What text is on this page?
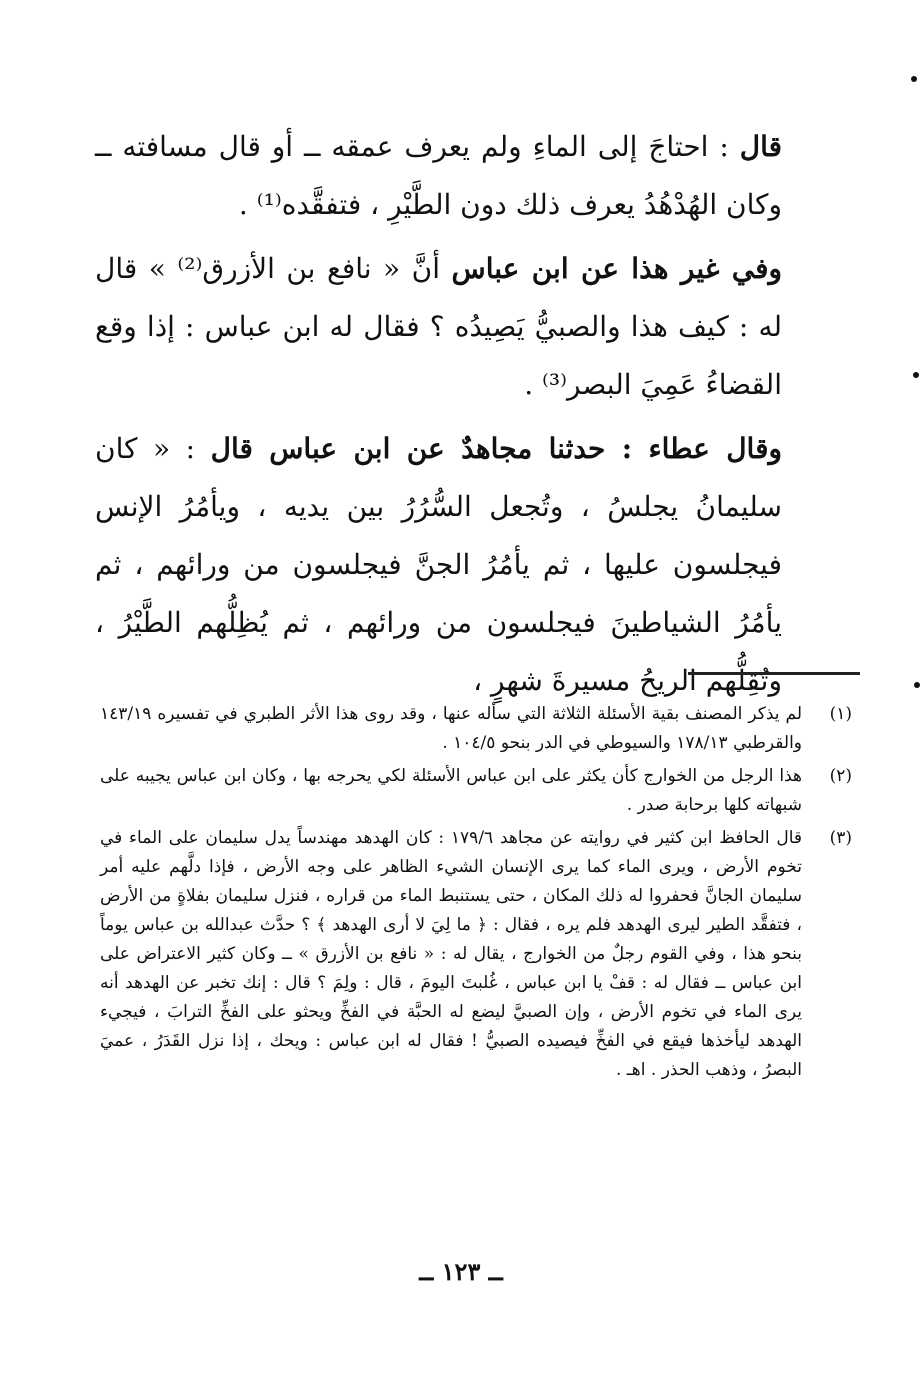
قال : احتاجَ إلى الماءِ ولم يعرف عمقه ــ أو قال مسافته ــ وكان الهُدْهُدُ يعرف ذلك دون الطَّيْرِ ، فتفقَّده⁽¹⁾ .

وفي غير هذا عن ابن عباس أنَّ « نافع بن الأزرق⁽²⁾ » قال له : كيف هذا والصبيُّ يَصِيدُه ؟ فقال له ابن عباس : إذا وقع القضاءُ عَمِيَ البصر⁽³⁾ .

وقال عطاء : حدثنا مجاهدٌ عن ابن عباس قال : « كان سليمانُ يجلسُ ، وتُجعل السُّرُرُ بين يديه ، ويأمُرُ الإنس فيجلسون عليها ، ثم يأمُرُ الجنَّ فيجلسون من ورائهم ، ثم يأمُرُ الشياطينَ فيجلسون من ورائهم ، ثم يُظِلُّهم الطَّيْرُ ، وتُقِلُّهم الريحُ مسيرةَ شهرٍ ،

(١)
لم يذكر المصنف بقية الأسئلة الثلاثة التي سأله عنها ، وقد روى هذا الأثر الطبري في تفسيره ١٤٣/١٩ والقرطبي ١٧٨/١٣ والسيوطي في الدر بنحو ١٠٤/٥ .
(٢)
هذا الرجل من الخوارج كأن يكثر على ابن عباس الأسئلة لكي يحرجه بها ، وكان ابن عباس يجيبه على شبهاته كلها برحابة صدر .
(٣)
قال الحافظ ابن كثير في روايته عن مجاهد ١٧٩/٦ : كان الهدهد مهندساً يدل سليمان على الماء في تخوم الأرض ، ويرى الماء كما يرى الإنسان الشيء الظاهر على وجه الأرض ، فإذا دلَّهم عليه أمر سليمان الجانَّ فحفروا له ذلك المكان ، حتى يستنبط الماء من قراره ، فنزل سليمان بفلاةٍ من الأرض ، فتفقَّد الطير ليرى الهدهد فلم يره ، فقال : ﴿ ما لِيَ لا أرى الهدهد ﴾ ؟ حدَّث عبدالله بن عباس يوماً بنحو هذا ، وفي القوم رجلٌ من الخوارج ، يقال له : « نافع بن الأزرق » ــ وكان كثير الاعتراض على ابن عباس ــ فقال له : قفْ يا ابن عباس ، غُلبتَ اليومَ ، قال : ولِمَ ؟ قال : إنك تخبر عن الهدهد أنه يرى الماء في تخوم الأرض ، وإن الصبيَّ ليضع له الحبَّة في الفخِّ ويحثو على الفخِّ الترابَ ، فيجيء الهدهد ليأخذها فيقع في الفخِّ فيصيده الصبيُّ ! فقال له ابن عباس : ويحك ، إذا نزل القَدَرُ ، عميَ البصرُ ، وذهب الحذر . اهـ .
ــ ١٢٣ ــ
